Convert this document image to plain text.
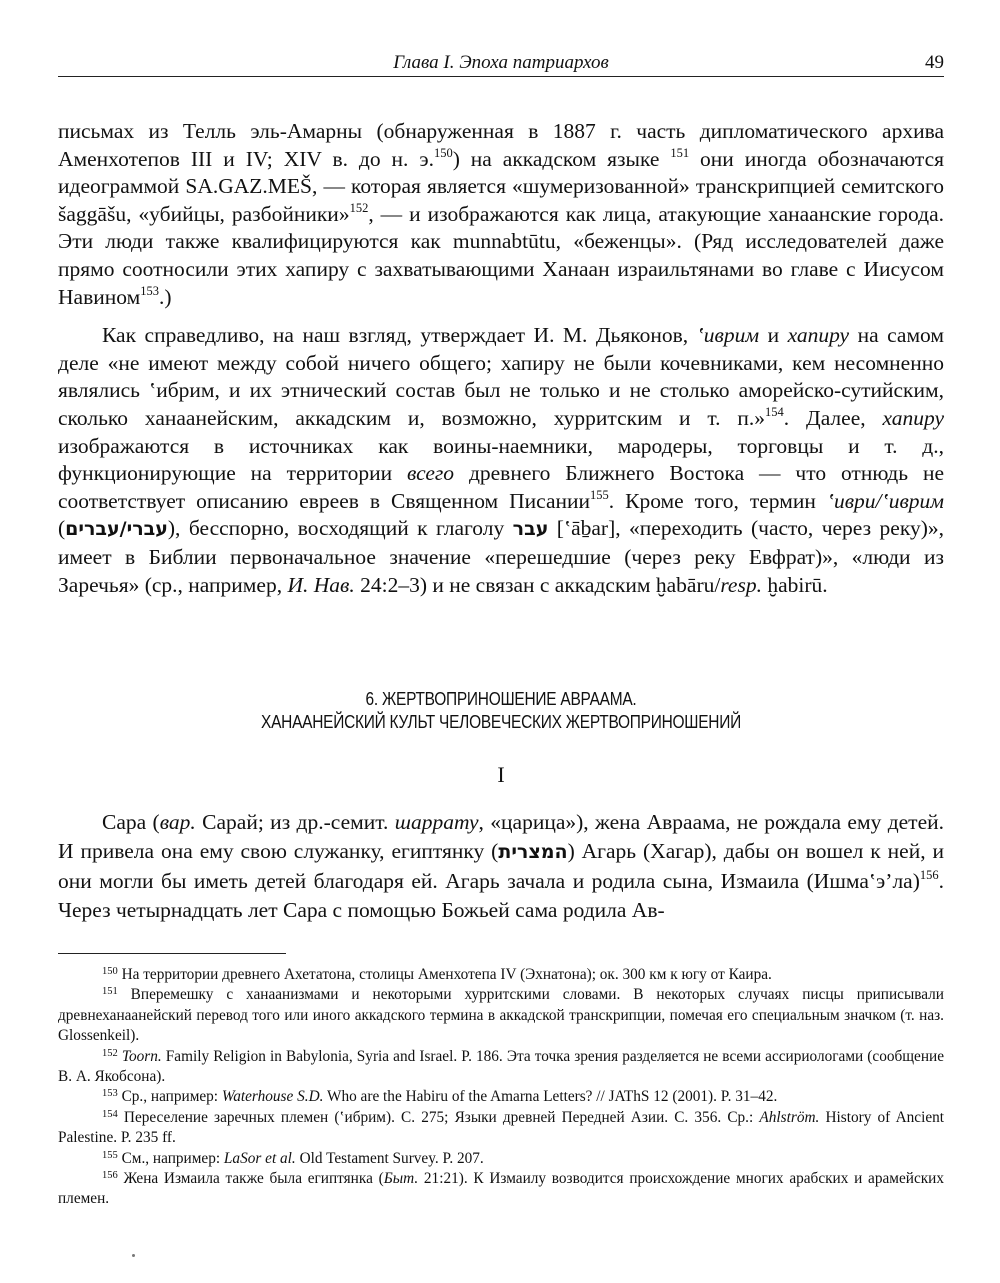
Глава I. Эпоха патриархов	49

письмах из Телль эль-Амарны (обнаруженная в 1887 г. часть дипломатического архива Аменхотепов III и IV; XIV в. до н. э.$^{150}$) на аккадском языке $^{151}$ они иногда обозначаются идеограммой SA.GAZ.MEŠ, — которая является «шумеризованной» транскрипцией семитского šaggāšu, «убийцы, разбойники»$^{152}$, — и изображаются как лица, атакующие ханаанские города. Эти люди также квалифицируются как munnabtūtu, «беженцы». (Ряд исследователей даже прямо соотносили этих хапиру с захватывающими Ханаан израильтянами во главе с Иисусом Навином$^{153}$.)

Как справедливо, на наш взгляд, утверждает И. М. Дьяконов, ʽиврим и хапиру на самом деле «не имеют между собой ничего общего; хапиру не были кочевниками, кем несомненно являлись ʽибрим, и их этнический состав был не только и не столько аморейско-сутийским, сколько ханаанейским, аккадским и, возможно, хурритским и т. п.»$^{154}$. Далее, хапиру изображаются в источниках как воины-наемники, мародеры, торговцы и т. д., функционирующие на территории всего древнего Ближнего Востока — что отнюдь не соответствует описанию евреев в Священном Писании$^{155}$. Кроме того, термин ʽиври/ʽиврим (עברי/עברים), бесспорно, восходящий к глаголу עבר [ʽāḇar], «переходить (часто, через реку)», имеет в Библии первоначальное значение «перешедшие (через реку Евфрат)», «люди из Заречья» (ср., например, И. Нав. 24:2–3) и не связан с аккадским ḫabāru/resp. ḫabirū.

6. ЖЕРТВОПРИНОШЕНИЕ АВРААМА.
ХАНААНЕЙСКИЙ КУЛЬТ ЧЕЛОВЕЧЕСКИХ ЖЕРТВОПРИНОШЕНИЙ
I

Сара (вар. Сарай; из др.-семит. шаррату, «царица»), жена Авраама, не рождала ему детей. И привела она ему свою служанку, египтянку (המצרית) Агарь (Хагар), дабы он вошел к ней, и они могли бы иметь детей благодаря ей. Агарь зачала и родила сына, Измаила (Ишмаʽэ’ла)$^{156}$. Через четырнадцать лет Сара с помощью Божьей сама родила Ав-

$^{150}$ На территории древнего Ахетатона, столицы Аменхотепа IV (Эхнатона); ок. 300 км к югу от Каира.

$^{151}$ Вперемешку с ханаанизмами и некоторыми хурритскими словами. В некоторых случаях писцы приписывали древнеханаанейский перевод того или иного аккадского термина в аккадской транскрипции, помечая его специальным значком (т. наз. Glossenkeil).

$^{152}$ Toorn. Family Religion in Babylonia, Syria and Israel. P. 186. Эта точка зрения разделяется не всеми ассириологами (сообщение В. А. Якобсона).

$^{153}$ Ср., например: Waterhouse S.D. Who are the Habiru of the Amarna Letters? // JAThS 12 (2001). P. 31–42.

$^{154}$ Переселение заречных племен (ʽибрим). С. 275; Языки древней Передней Азии. С. 356. Ср.: Ahlström. History of Ancient Palestine. P. 235 ff.

$^{155}$ См., например: LaSor et al. Old Testament Survey. P. 207.

$^{156}$ Жена Измаила также была египтянка (Быт. 21:21). К Измаилу возводится происхождение многих арабских и арамейских племен.
